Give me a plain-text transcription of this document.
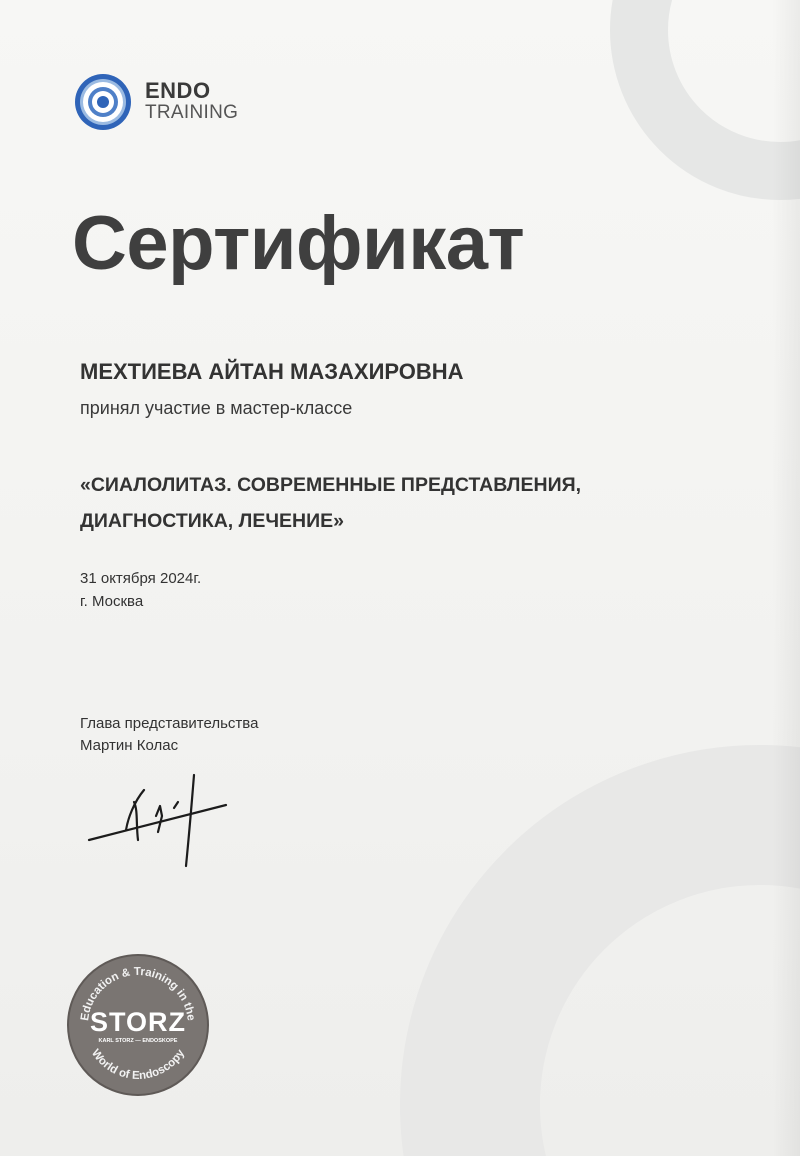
ENDO
TRAINING
Сертификат
МЕХТИЕВА АЙТАН МАЗАХИРОВНА
принял участие в мастер-классе
«СИАЛОЛИТАЗ. СОВРЕМЕННЫЕ ПРЕДСТАВЛЕНИЯ,
ДИАГНОСТИКА, ЛЕЧЕНИЕ»
31 октября 2024г.
г. Москва
Глава представительства
Мартин Колас
Education & Training in the
World of Endoscopy
STORZ
KARL STORZ — ENDOSKOPE
